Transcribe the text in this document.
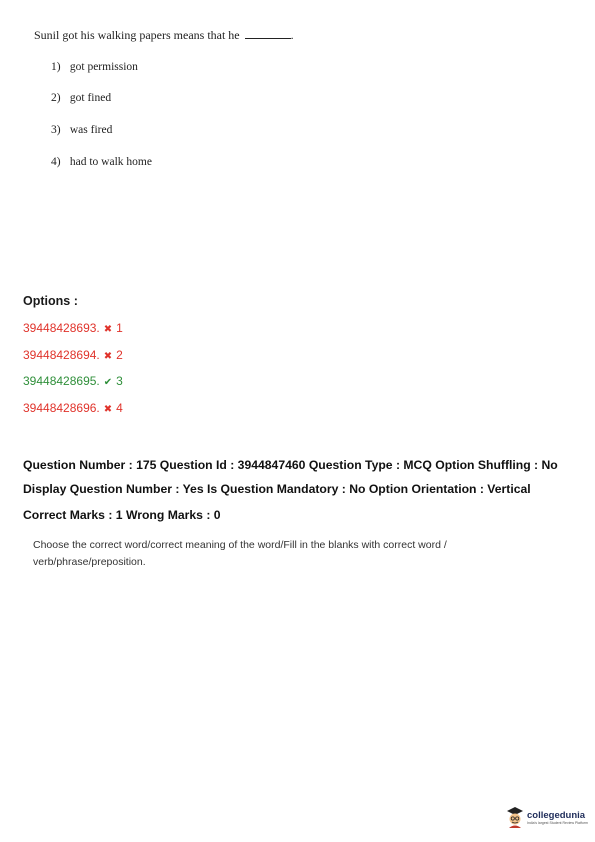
Sunil got his walking papers means that he	.
1) got permission
2) got fined
3) was fired
4) had to walk home
Options :
39448428693. ✖ 1
39448428694. ✖ 2
39448428695. ✔ 3
39448428696. ✖ 4
Question Number : 175 Question Id : 3944847460 Question Type : MCQ Option Shuffling : No
Display Question Number : Yes Is Question Mandatory : No Option Orientation : Vertical
Correct Marks : 1 Wrong Marks : 0
Choose the correct word/correct meaning of the word/Fill in the blanks with correct word /
verb/phrase/preposition.
collegedunia
India's largest Student Review Platform
